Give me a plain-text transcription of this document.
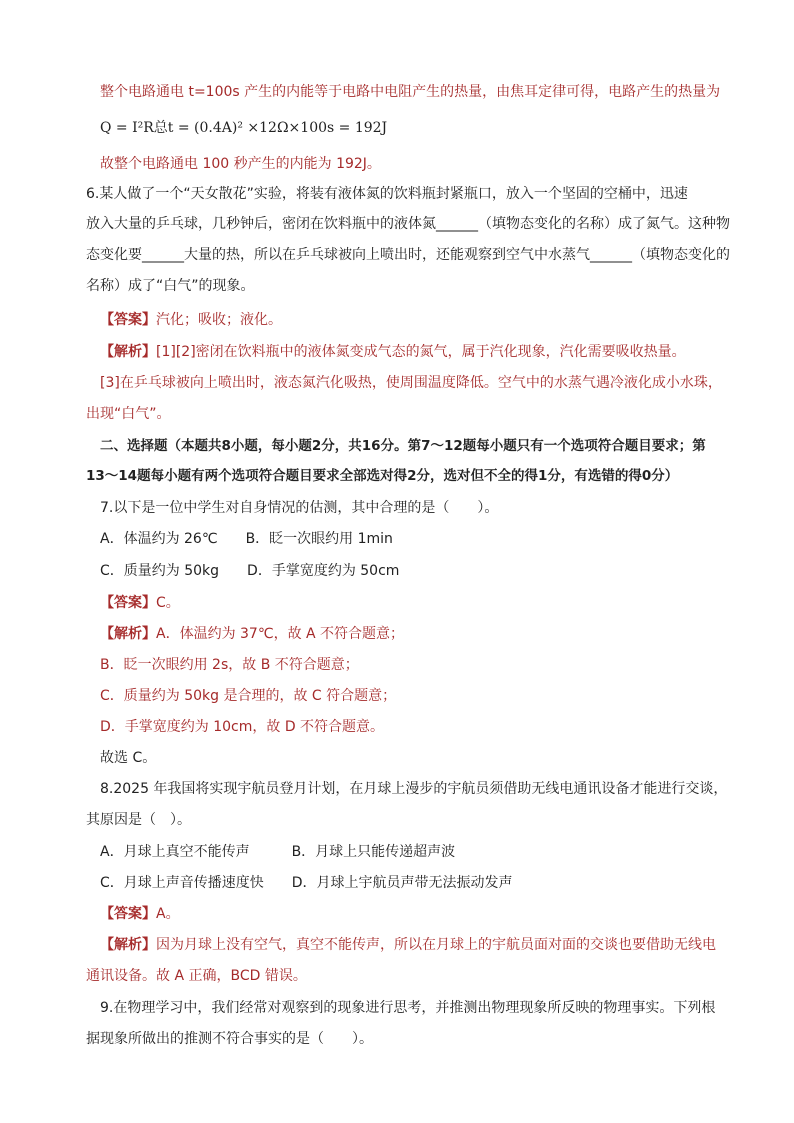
整个电路通电 t=100s 产生的内能等于电路中电阻产生的热量，由焦耳定律可得，电路产生的热量为
Q = I²R总t = (0.4A)² ×12Ω×100s = 192J
故整个电路通电 100 秒产生的内能为 192J。
6.某人做了一个“天女散花”实验，将装有液体氮的饮料瓶封紧瓶口，放入一个坚固的空桶中，迅速
放入大量的乒乓球，几秒钟后，密闭在饮料瓶中的液体氮______（填物态变化的名称）成了氮气。这种物
态变化要______大量的热，所以在乒乓球被向上喷出时，还能观察到空气中水蒸气______（填物态变化的
名称）成了“白气”的现象。
【答案】汽化；吸收；液化。
【解析】[1][2]密闭在饮料瓶中的液体氮变成气态的氮气，属于汽化现象，汽化需要吸收热量。
[3]在乒乓球被向上喷出时，液态氮汽化吸热，使周围温度降低。空气中的水蒸气遇冷液化成小水珠，
出现“白气”。
二、选择题（本题共8小题，每小题2分，共16分。第7～12题每小题只有一个选项符合题目要求；第
13～14题每小题有两个选项符合题目要求全部选对得2分，选对但不全的得1分，有选错的得0分）
7.以下是一位中学生对自身情况的估测，其中合理的是（　　）。
A．体温约为 26℃　　B．眨一次眼约用 1min
C．质量约为 50kg　　D．手掌宽度约为 50cm
【答案】C。
【解析】A．体温约为 37℃，故 A 不符合题意；
B．眨一次眼约用 2s，故 B 不符合题意；
C．质量约为 50kg 是合理的，故 C 符合题意；
D．手掌宽度约为 10cm，故 D 不符合题意。
故选 C。
8.2025 年我国将实现宇航员登月计划，在月球上漫步的宇航员须借助无线电通讯设备才能进行交谈，
其原因是（　）。
A．月球上真空不能传声　　　B．月球上只能传递超声波
C．月球上声音传播速度快　　D．月球上宇航员声带无法振动发声
【答案】A。
【解析】因为月球上没有空气，真空不能传声，所以在月球上的宇航员面对面的交谈也要借助无线电
通讯设备。故 A 正确，BCD 错误。
9.在物理学习中，我们经常对观察到的现象进行思考，并推测出物理现象所反映的物理事实。下列根
据现象所做出的推测不符合事实的是（　　）。
